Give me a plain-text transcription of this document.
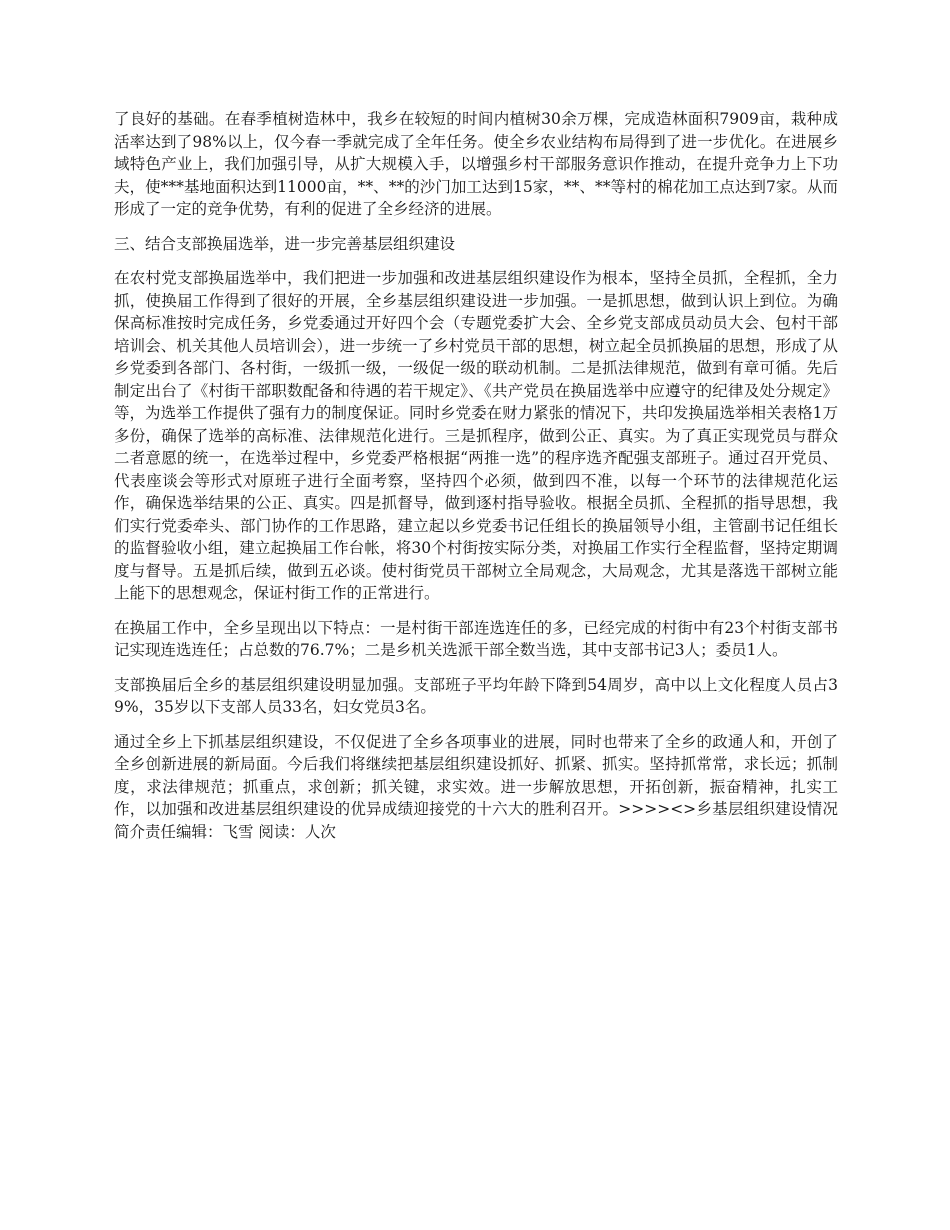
了良好的基础。在春季植树造林中，我乡在较短的时间内植树30余万棵，完成造林面积7909亩，栽种成活率达到了98%以上，仅今春一季就完成了全年任务。使全乡农业结构布局得到了进一步优化。在进展乡域特色产业上，我们加强引导，从扩大规模入手，以增强乡村干部服务意识作推动，在提升竞争力上下功夫，使***基地面积达到11000亩，**、**的沙门加工达到15家，**、**等村的棉花加工点达到7家。从而形成了一定的竞争优势，有利的促进了全乡经济的进展。

三、结合支部换届选举，进一步完善基层组织建设

在农村党支部换届选举中，我们把进一步加强和改进基层组织建设作为根本，坚持全员抓，全程抓，全力抓，使换届工作得到了很好的开展，全乡基层组织建设进一步加强。一是抓思想，做到认识上到位。为确保高标准按时完成任务，乡党委通过开好四个会（专题党委扩大会、全乡党支部成员动员大会、包村干部培训会、机关其他人员培训会），进一步统一了乡村党员干部的思想，树立起全员抓换届的思想，形成了从乡党委到各部门、各村街，一级抓一级，一级促一级的联动机制。二是抓法律规范，做到有章可循。先后制定出台了《村街干部职数配备和待遇的若干规定》、《共产党员在换届选举中应遵守的纪律及处分规定》等，为选举工作提供了强有力的制度保证。同时乡党委在财力紧张的情况下，共印发换届选举相关表格1万多份，确保了选举的高标准、法律规范化进行。三是抓程序，做到公正、真实。为了真正实现党员与群众二者意愿的统一，在选举过程中，乡党委严格根据“两推一选”的程序选齐配强支部班子。通过召开党员、代表座谈会等形式对原班子进行全面考察，坚持四个必须，做到四不准，以每一个环节的法律规范化运作，确保选举结果的公正、真实。四是抓督导，做到逐村指导验收。根据全员抓、全程抓的指导思想，我们实行党委牵头、部门协作的工作思路，建立起以乡党委书记任组长的换届领导小组，主管副书记任组长的监督验收小组，建立起换届工作台帐，将30个村街按实际分类，对换届工作实行全程监督，坚持定期调度与督导。五是抓后续，做到五必谈。使村街党员干部树立全局观念，大局观念，尤其是落选干部树立能上能下的思想观念，保证村街工作的正常进行。

在换届工作中，全乡呈现出以下特点：一是村街干部连选连任的多，已经完成的村街中有23个村街支部书记实现连选连任；占总数的76.7%；二是乡机关选派干部全数当选，其中支部书记3人；委员1人。

支部换届后全乡的基层组织建设明显加强。支部班子平均年龄下降到54周岁，高中以上文化程度人员占39%，35岁以下支部人员33名，妇女党员3名。

通过全乡上下抓基层组织建设，不仅促进了全乡各项事业的进展，同时也带来了全乡的政通人和，开创了全乡创新进展的新局面。今后我们将继续把基层组织建设抓好、抓紧、抓实。坚持抓常常，求长远；抓制度，求法律规范；抓重点，求创新；抓关键，求实效。进一步解放思想，开拓创新，振奋精神，扎实工作，以加强和改进基层组织建设的优异成绩迎接党的十六大的胜利召开。>>>><>乡基层组织建设情况简介责任编辑：飞雪 阅读：人次
